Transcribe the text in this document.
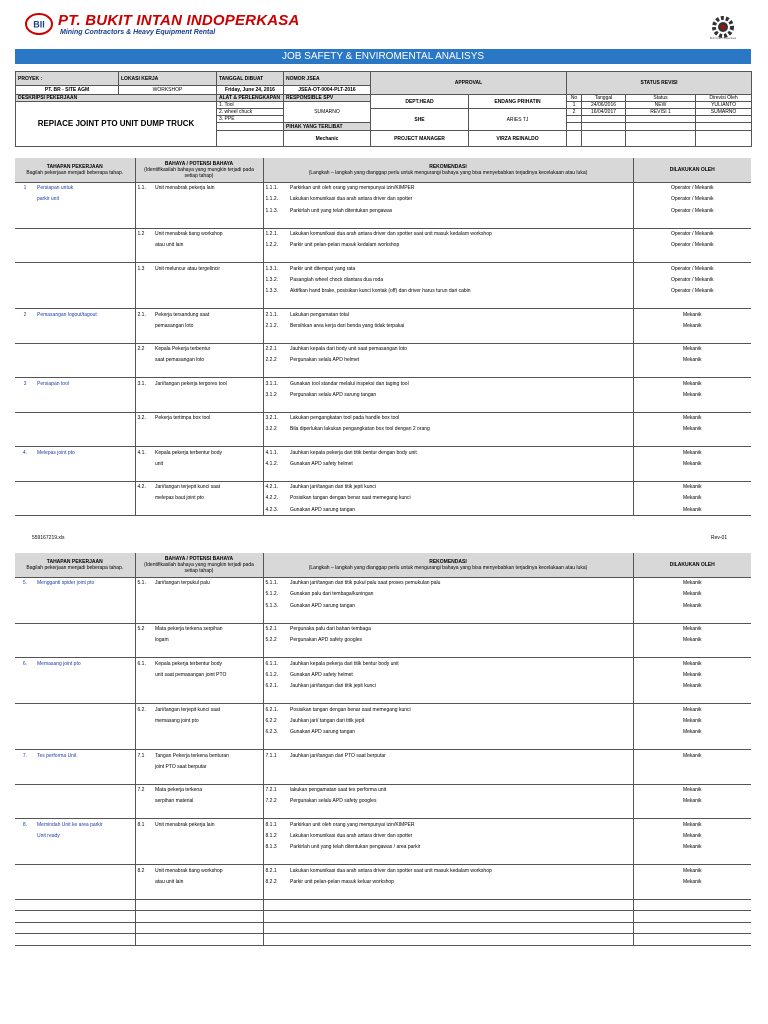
BII PT. BUKIT INTAN INDOPERKASA
Mining Contractors & Heavy Equipment Rental
Bukit Intan Indoperkasa
JOB SAFETY & ENVIROMENTAL ANALISYS
PROYEK :	LOKASI KERJA	TANGGAL DIBUAT	NOMOR JSEA	APPROVAL		STATUS REVISI			
PT. BR - SITE AGM	WORKSHOP	Friday, June 24, 2016	JSEA-OT-0004-PLT-2016						
DESKRIPSI PEKERJAAN		ALAT & PERLENGKAPAN	RESPONSIBLE SPV	DEPT.HEAD	ENDANG PRIHATIN	No	Tanggal	Status	Direvisi Oleh
REPlACE JOINT PTO UNIT DUMP TRUCK		1. Tool	SUMARNO			1	24/06/2016	NEW	YULIANTO
		2. wheel chuck		SHE	ARIES TJ	2	16/04/2017	REVISI 1	SUMARNO
		3. PPE							
			PIHAK YANG TERLIBAT						
			Mechanic	PROJECT MANAGER	VIRZA REINALDO				
TAHAPAN PEKERJAAN
Bagilah pekerjaan menjadi beberapa tahap.		BAHAYA / POTENSI BAHAYA
(Identifikasilah bahaya yang mungkin terjadi pada setiap tahap)		REKOMENDASI
(Langkah – langkah yang dianggap perlu untuk mengurangi bahaya yang bisa menyebabkan terjadinya kecelakaan atau luka)		DILAKUKAN OLEH
1	Persiapan untuk	1.1.	Unit menabrak pekerja lain	1.1.1.	Parkirkan unit oleh orang yang mempunyai izin/KIMPER	Operator / Mekanik
	parkir unit			1.1.2.	Lakukan komunikasi dua arah antara driver dan spotter	Operator / Mekanik
				1.1.3.	Parkirlah unit yang telah ditentukan pengawas	Operator / Mekanik

		1.2	Unit menabrak tiang workshop	1.2.1.	Lakukan komunikasi dua arah antara driver dan spotter saat unit masuk kedalam workshop	Operator / Mekanik
			atau unit lain	1.2.2.	Parkir unit pelan-pelan masuk kedalam workshop	Operator / Mekanik

		1.3	Unit meluncur atau tergelincir	1.3.1.	Parkir unit ditempat yang rata	Operator / Mekanik
				1.3.2.	Pasanglah wheel chock diantara dua roda	Operator / Mekanik
				1.3.3.	Aktifkan hand brake, posisikan kunci kontak (off) dan driver harus turun dari cabin	Operator / Mekanik

2	Pemasangan logout/tagout	2.1.	Pekerja tersandung saat	2.1.1.	Lakukan pengamatan total	Mekanik
			pemasangan loto	2.1.2.	Bersihkan area kerja dari benda yang tidak terpakai	Mekanik

		2.2	Kepala Pekerja terbentur	2.2.1	Jauhkan kepala dari body unit saat pemasangan loto	Mekanik
			saat pemasangan loto	2.2.2	Pergunakan selalu APD helmet	Mekanik

3	Persiapan tool	3.1.	Jari/tangan pekerja tergores tool	3.1.1.	Gunakan tool standar melalui inspeksi dan taging tool	Mekanik
				3.1.2	Pergunakan selalu APD sarung tangan	Mekanik

		3.2.	Pekerja tertimpa box tool	3.2.1.	Lakukan pengangkatan tool pada handle box tool	Mekanik
				3.2.2	Bila diperlukan lakukan pengangkatan box tool dengan 2 orang	Mekanik

4.	Melepas joint pto	4.1.	Kepala pekerja terbentur body	4.1.1.	Jauhkan kepala pekerja dari titik bentur dengan body unit	Mekanik
			unit	4.1.2.	Gunakan APD safety helmet	Mekanik

		4.2.	Jari/tangan terjepit kunci saat	4.2.1.	Jauhkan jari/tangan dari titik jepit kunci	Mekanik
			melepas baut joint pto	4.2.2.	Posisikan tangan dengan benar saat memegang kunci	Mekanik
				4.2.3.	Gunakan APD sarung tangan	Mekanik
559167219.xls	Rev-01
TAHAPAN PEKERJAAN
Bagilah pekerjaan menjadi beberapa tahap.		BAHAYA / POTENSI BAHAYA
(Identifikasilah bahaya yang mungkin terjadi pada setiap tahap)		REKOMENDASI
(Langkah – langkah yang dianggap perlu untuk mengurangi bahaya yang bisa menyebabkan terjadinya kecelakaan atau luka)		DILAKUKAN OLEH
5.	Mengganti spider joint pto	5.1.	Jari/tangan terpukul palu	5.1.1.	Jauhkan jari/tangan dari titik pukul palu saat proses pemukulan palu	Mekanik
				5.1.2.	Gunakan palu dari tembaga/kuningan	Mekanik
				5.1.3.	Gunakan APD sarung tangan	Mekanik

		5.2	Mata pekerja terkena serpihan	5.2.1	Pergunaka palu dari bahan tembaga	Mekanik
			logam	5.2.2	Pergunakan APD safety googles	Mekanik

6.	Memasang joint pto	6.1.	Kepala pekerja terbentur body	6.1.1.	Jauhkan kepala pekerja dari titik bentur body unit	Mekanik
			unit saat pemasangan joint PTO	6.1.2.	Gunakan APD safety helmet	Mekanik
				6.2.1.	Jauhkan jari/tangan dari titik jepit kunci	Mekanik

		6.2.	Jari/tangan terjepit kunci saat	6.2.1.	Posisikan tangan dengan benar saat memegang kunci	Mekanik
			memasang joint pto	6.2.2	Jauhkan jari/ tangan dari titik jepit	Mekanik
				6.2.3.	Gunakan APD sarung tangan	Mekanik

7.	Tes performa Unit	7.1	Tangan Pekerja terkena benturan	7.1.1	Jauhkan jari/tangan dari PTO saat berputar	Mekanik
			joint PTO saat berputar			

		7.2	Mata pekerja terkena	7.2.1	lakukan pengamatan saat tes performa unit	Mekanik
			serpihan material	7.2.2	Pergunakan selalu APD safety googles	Mekanik

8.	Memindah Unit ke area parkir	8.1	Unit menabrak pekerja lain	8.1.1	Parkirkan unit oleh orang yang mempunyai izin/KIMPER	Mekanik
	Unit ready			8.1.2	Lakukan komunikasi dua arah antara driver dan spotter	Mekanik
				8.1.3	Parkirlah unit yang telah ditentukan pengawas / area parkir	Mekanik

		8.2	Unit menabrak tiang workshop	8.2.1	Lakukan komunikasi dua arah antara driver dan spotter saat unit masuk kedalam workshop	Mekanik
			atau unit lain	8.2.2	Parkir unit pelan-pelan masuk keluar workshop	Mekanik
